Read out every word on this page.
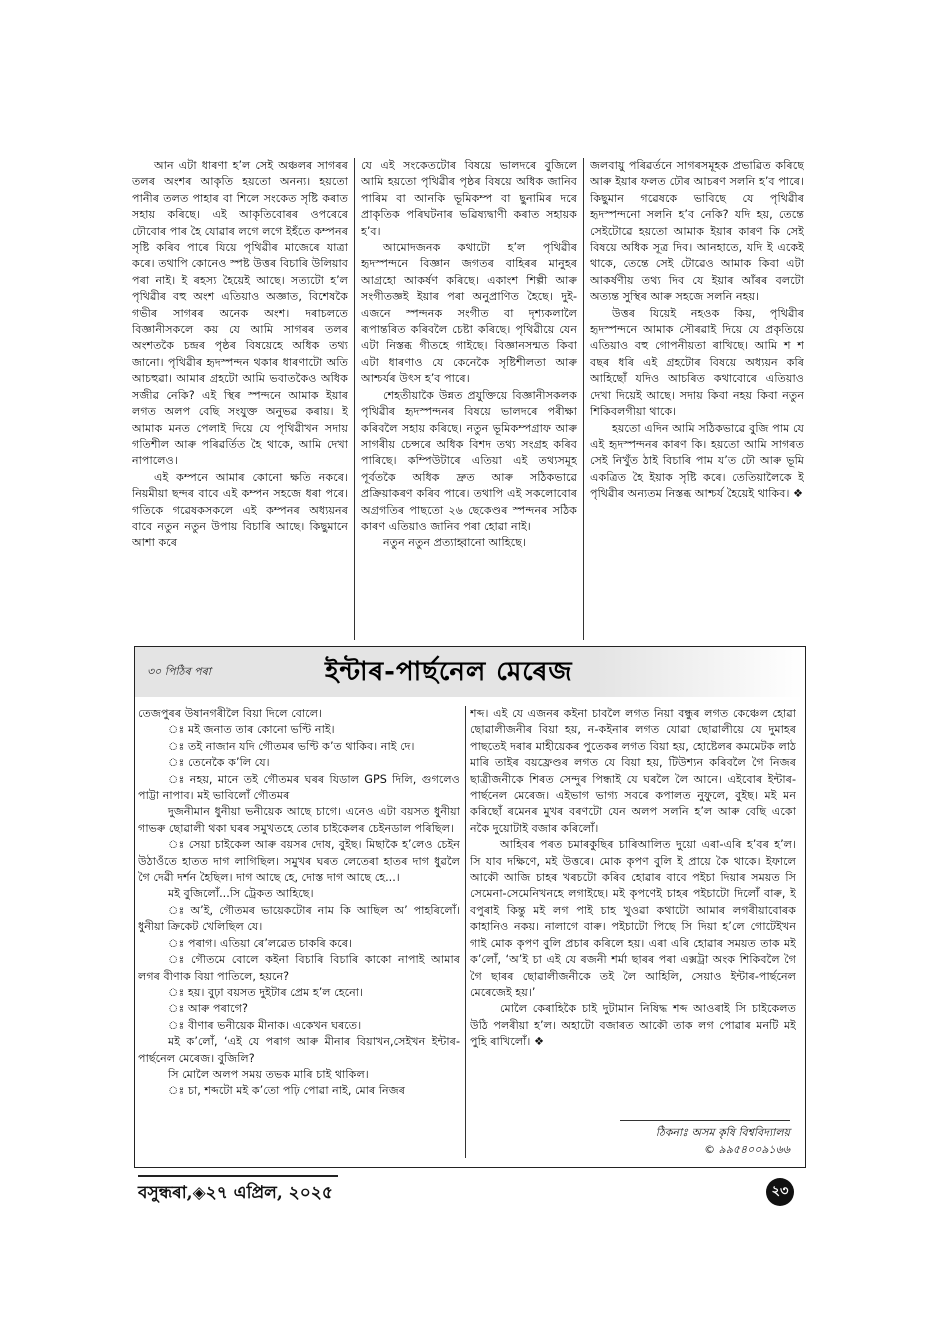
আন এটা ধাৰণা হ’ল সেই অঞ্চলৰ সাগৰৰ তলৰ অংশৰ আকৃতি হয়তো অনন্য। হয়তো পানীৰ তলত পাহাৰ বা শিলে সংকেত সৃষ্টি কৰাত সহায় কৰিছে। এই আকৃতিবোৰৰ ওপৰেৰে ঢৌবোৰ পাৰ হৈ যোৱাৰ লগে লগে ইহঁতে কম্পনৰ সৃষ্টি কৰিব পাৰে যিয়ে পৃথিৱীৰ মাজেৰে যাত্ৰা কৰে। তথাপি কোনেও স্পষ্ট উত্তৰ বিচাৰি উলিয়াব পৰা নাই। ই ৰহস্য হৈয়েই আছে। সত্যটো হ’ল পৃথিৱীৰ বহু অংশ এতিয়াও অজ্ঞাত, বিশেষকৈ গভীৰ সাগৰৰ অনেক অংশ। দৰাচলতে বিজ্ঞানীসকলে কয় যে আমি সাগৰৰ তলৰ অংশতকৈ চন্দ্ৰৰ পৃষ্ঠৰ বিষয়েহে অধিক তথ্য জানো। পৃথিৱীৰ হৃদস্পন্দন থকাৰ ধাৰণাটো অতি আচহুৱা। আমাৰ গ্ৰহটো আমি ভবাতকৈও অধিক সজীৱ নেকি? এই স্থিৰ স্পন্দনে আমাক ইয়াৰ লগত অলপ বেছি সংযুক্ত অনুভৱ কৰায়। ই আমাক মনত পেলাই দিয়ে যে পৃথিৱীখন সদায় গতিশীল আৰু পৰিৱৰ্তিত হৈ থাকে, আমি দেখা নাপালেও।

এই কম্পনে আমাৰ কোনো ক্ষতি নকৰে। নিয়মীয়া ছন্দৰ বাবে এই কম্পন সহজে ধৰা পৰে। গতিকে গৱেষকসকলে এই কম্পনৰ অধ্যয়নৰ বাবে নতুন নতুন উপায় বিচাৰি আছে। কিছুমানে আশা কৰে

যে এই সংকেতটোৰ বিষয়ে ভালদৰে বুজিলে আমি হয়তো পৃথিৱীৰ পৃষ্ঠৰ বিষয়ে অধিক জানিব পাৰিম বা আনকি ভূমিকম্প বা ছুনামিৰ দৰে প্ৰাকৃতিক পৰিঘটনাৰ ভৱিষ্যদ্বাণী কৰাত সহায়ক হ’ব।

আমোদজনক কথাটো হ’ল পৃথিৱীৰ হৃদস্পন্দনে বিজ্ঞান জগতৰ বাহিৰৰ মানুহৰ আগ্ৰহো আকৰ্ষণ কৰিছে। একাংশ শিল্পী আৰু সংগীতজ্ঞই ইয়াৰ পৰা অনুপ্ৰাণিত হৈছে। দুই-এজনে স্পন্দনক সংগীত বা দৃশ্যকলালৈ ৰূপান্তৰিত কৰিবলৈ চেষ্টা কৰিছে। পৃথিৱীয়ে যেন এটা নিস্তব্ধ গীতহে গাইছে। বিজ্ঞানসন্মত কিবা এটা ধাৰণাও যে কেনেকৈ সৃষ্টিশীলতা আৰু আশ্চৰ্যৰ উৎস হ’ব পাৰে।

শেহতীয়াকৈ উন্নত প্ৰযুক্তিয়ে বিজ্ঞানীসকলক পৃথিৱীৰ হৃদস্পন্দনৰ বিষয়ে ভালদৰে পৰীক্ষা কৰিবলৈ সহায় কৰিছে। নতুন ভূমিকম্পগ্ৰাফ আৰু সাগৰীয় চেন্সৰে অধিক বিশদ তথ্য সংগ্ৰহ কৰিব পাৰিছে। কম্পিউটাৰে এতিয়া এই তথ্যসমূহ পূৰ্বতকৈ অধিক দ্ৰুত আৰু সঠিকভাৱে প্ৰক্ৰিয়াকৰণ কৰিব পাৰে। তথাপি এই সকলোবোৰ অগ্ৰগতিৰ পাছতো ২৬ ছেকেণ্ডৰ স্পন্দনৰ সঠিক কাৰণ এতিয়াও জানিব পৰা হোৱা নাই।

নতুন নতুন প্ৰত্যাহ্বানো আহিছে।

জলবায়ু পৰিৱৰ্তনে সাগৰসমূহক প্ৰভাৱিত কৰিছে আৰু ইয়াৰ ফলত ঢৌৰ আচৰণ সলনি হ’ব পাৰে। কিছুমান গৱেষকে ভাবিছে যে পৃথিৱীৰ হৃদস্পন্দনো সলনি হ’ব নেকি? যদি হয়, তেন্তে সেইটোৱে হয়তো আমাক ইয়াৰ কাৰণ কি সেই বিষয়ে অধিক সূত্ৰ দিব। আনহাতে, যদি ই একেই থাকে, তেন্তে সেই টোৱেও আমাক কিবা এটা আকৰ্ষণীয় তথ্য দিব যে ইয়াৰ আঁৰৰ বলটো অত্যন্ত সুস্থিৰ আৰু সহজে সলনি নহয়।

উত্তৰ যিয়েই নহওক কিয়, পৃথিৱীৰ হৃদস্পন্দনে আমাক সৌৰৱাই দিয়ে যে প্ৰকৃতিয়ে এতিয়াও বহু গোপনীয়তা ৰাখিছে। আমি শ শ বছৰ ধৰি এই গ্ৰহটোৰ বিষয়ে অধ্যয়ন কৰি আহিছোঁ যদিও আচৰিত কথাবোৰে এতিয়াও দেখা দিয়েই আছে। সদায় কিবা নহয় কিবা নতুন শিকিবলগীয়া থাকে।

হয়তো এদিন আমি সঠিকভাৱে বুজি পাম যে এই হৃদস্পন্দনৰ কাৰণ কি। হয়তো আমি সাগৰত সেই নিখুঁত ঠাই বিচাৰি পাম য’ত ঢৌ আৰু ভূমি একত্ৰিত হৈ ইয়াক সৃষ্টি কৰে। তেতিয়ালৈকে ই পৃথিৱীৰ অন্যতম নিস্তব্ধ আশ্চৰ্য হৈয়েই থাকিব। ❖

৩০ পিঠিৰ পৰা	ইন্টাৰ-পাৰ্ছনেল মেৰেজ

তেজপুৰৰ উষানগৰীলৈ বিয়া দিলে বোলে।

ঃ মই জনাত তাৰ কোনো ভণ্টি নাই।

ঃ তই নাজান যদি গৌতমৰ ভণ্টি ক’ত থাকিব। নাই দে।

ঃ তেনেকৈ ক’লি যে।

ঃ নহয়, মানে তই গৌতমৰ ঘৰৰ যিডাল GPS দিলি, গুগলেও পাট্টা নাপাব। মই ভাবিলোঁ গৌতমৰ

দুজনীমান ধুনীয়া ভনীয়েক আছে চাগে। এনেও এটা বয়সত ধুনীয়া গাভৰু ছোৱালী থকা ঘৰৰ সমুখতহে তোৰ চাইকেলৰ চেইনডাল পৰিছিল।

ঃ সেয়া চাইকেল আৰু বয়সৰ দোষ, বুইছ। মিছাকৈ হ’লেও চেইন উঠাওঁতে হাতত দাগ লাগিছিল। সমুখৰ ঘৰত লেতেৰা হাতৰ দাগ ধুৱলৈ গৈ দেৱী দৰ্শন হৈছিল। দাগ আছে হে, দোস্ত দাগ আছে হে...।

মই বুজিলোঁ...সি ট্ৰেকত আহিছে।

ঃ অ’ই, গৌতমৰ ভায়েকটোৰ নাম কি আছিল অ’ পাহৰিলোঁ। ধুনীয়া ক্ৰিকেট খেলিছিল যে।

ঃ পৰাগ। এতিয়া ৰে’লৱেত চাকৰি কৰে।

ঃ গৌতমে বোলে কইনা বিচাৰি বিচাৰি কাকো নাপাই আমাৰ লগৰ বীণাক বিয়া পাতিলে, হয়নে?

ঃ হয়। বুঢ়া বয়সত দুইটাৰ প্ৰেম হ’ল হেনো।

ঃ আৰু পৰাগে?

ঃ বীণাৰ ভনীয়েক মীনাক। একেখন ঘৰতে।

মই ক’লোঁ, ‘এই যে পৰাগ আৰু মীনাৰ বিয়াখন,সেইখন ইন্টাৰ-পাৰ্ছনেল মেৰেজ। বুজিলি?

সি মোলৈ অলপ সময় তভক মাৰি চাই থাকিল।

ঃ চা, শব্দটো মই ক’তো পঢ়ি পোৱা নাই, মোৰ নিজৰ

শব্দ। এই যে এজনৰ কইনা চাবলৈ লগত নিয়া বন্ধুৰ লগত কেঞ্চেল হোৱা ছোৱালীজনীৰ বিয়া হয়, ন-কইনাৰ লগত যোৱা ছোৱালীয়ে যে দুমাহৰ পাছতেই দৰাৰ মাহীয়েকৰ পুতেকৰ লগত বিয়া হয়, হোষ্টেলৰ কমমেটক লাঠ মাৰি তাইৰ বয়ফ্ৰেণ্ডৰ লগত যে বিয়া হয়, টিউশ্যন কৰিবলৈ গৈ নিজৰ ছাত্ৰীজনীকে শিৰত সেন্দুৰ পিন্ধাই যে ঘৰলৈ লৈ আনে। এইবোৰ ইন্টাৰ-পাৰ্ছনেল মেৰেজ। এইভাগ ভাগ্য সবৰে কপালত নুফুলে, বুইছ। মই মন কৰিছোঁ ৰমেনৰ মুখৰ বৰণটো যেন অলপ সলনি হ’ল আৰু বেছি একো নকৈ দুয়োটাই বজাৰ কৰিলোঁ।

আহিবৰ পৰত চমাৰকুছিৰ চাৰিআলিত দুয়ো এৰা-এৰি হ’বৰ হ’ল। সি যাব দক্ষিণে, মই উত্তৰে। মোক কৃপণ বুলি ই প্ৰায়ে কৈ থাকে। ইফালে আকৌ আজি চাহৰ খৰচটো কৰিব হোৱাৰ বাবে পইচা দিয়াৰ সময়ত সি সেমেনা-সেমেনিখনহে লগাইছে। মই কৃপণেই চাহৰ পইচাটো দিলোঁ বাৰু, ই বপুৰাই কিন্তু মই লগ পাই চাহ খুওৱা কথাটো আমাৰ লগৰীয়াবোৰক কাহানিও নকয়। নালাগে বাৰু। পইচাটো পিছে সি দিয়া হ’লে গোটেইখন গাই মোক কৃপণ বুলি প্ৰচাৰ কৰিলে হয়। এৰা এৰি হোৱাৰ সময়ত তাক মই ক’লোঁ, ‘অ’ই চা এই যে ৰজনী শৰ্মা ছাৰৰ পৰা এক্সট্ৰা অংক শিকিবলৈ গৈ গৈ ছাৰৰ ছোৱালীজনীকে তই লৈ আহিলি, সেয়াও ইন্টাৰ-পাৰ্ছনেল মেৰেজেই হয়।’

মোলৈ কেৰাহিকৈ চাই দুটামান নিষিদ্ধ শব্দ আওৰাই সি চাইকেলত উঠি পলৰীয়া হ’ল। অহাটো বজাৰত আকৌ তাক লগ পোৱাৰ মনটি মই পুহি ৰাখিলোঁ। ❖

ঠিকনাঃ অসম কৃষি বিশ্ববিদ্যালয়
© ৯৯৫৪০০৯১৬৬
বসুন্ধৰা,◈২৭ এপ্ৰিল, ২০২৫	২৩
